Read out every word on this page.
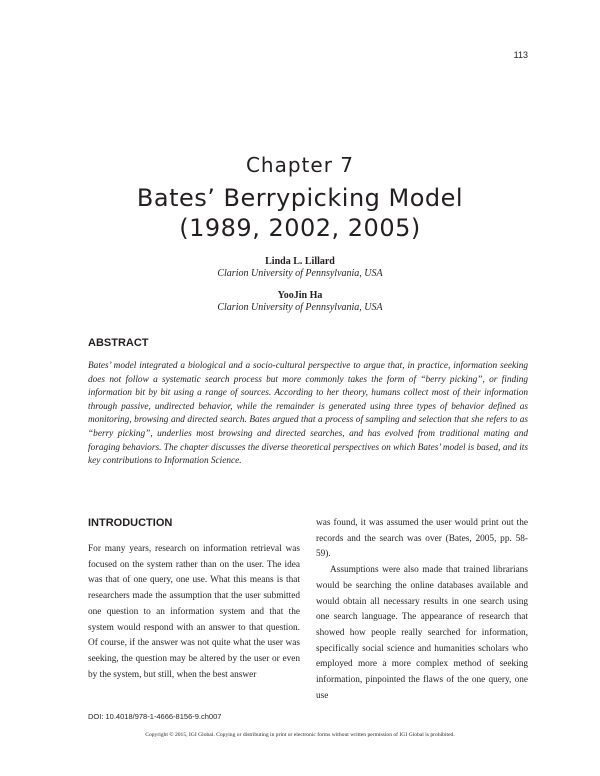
113
Chapter 7
Bates’ Berrypicking Model
(1989, 2002, 2005)
Linda L. Lillard
Clarion University of Pennsylvania, USA
YooJin Ha
Clarion University of Pennsylvania, USA
ABSTRACT

Bates’ model integrated a biological and a socio-cultural perspective to argue that, in practice, information seeking does not follow a systematic search process but more commonly takes the form of “berry picking”, or finding information bit by bit using a range of sources. According to her theory, humans collect most of their information through passive, undirected behavior, while the remainder is generated using three types of behavior defined as monitoring, browsing and directed search. Bates argued that a process of sampling and selection that she refers to as “berry picking”, underlies most browsing and directed searches, and has evolved from traditional mating and foraging behaviors. The chapter discusses the diverse theoretical perspectives on which Bates’ model is based, and its key contributions to Information Science.

INTRODUCTION

For many years, research on information retrieval was focused on the system rather than on the user. The idea was that of one query, one use. What this means is that researchers made the assumption that the user submitted one question to an information system and that the system would respond with an answer to that question. Of course, if the answer was not quite what the user was seeking, the question may be altered by the user or even by the system, but still, when the best answer

was found, it was assumed the user would print out the records and the search was over (Bates, 2005, pp. 58-59).

Assumptions were also made that trained librarians would be searching the online databases available and would obtain all necessary results in one search using one search language. The appearance of research that showed how people really searched for information, specifically social science and humanities scholars who employed more a more complex method of seeking information, pinpointed the flaws of the one query, one use

DOI: 10.4018/978-1-4666-8156-9.ch007
Copyright © 2015, IGI Global. Copying or distributing in print or electronic forms without written permission of IGI Global is prohibited.
